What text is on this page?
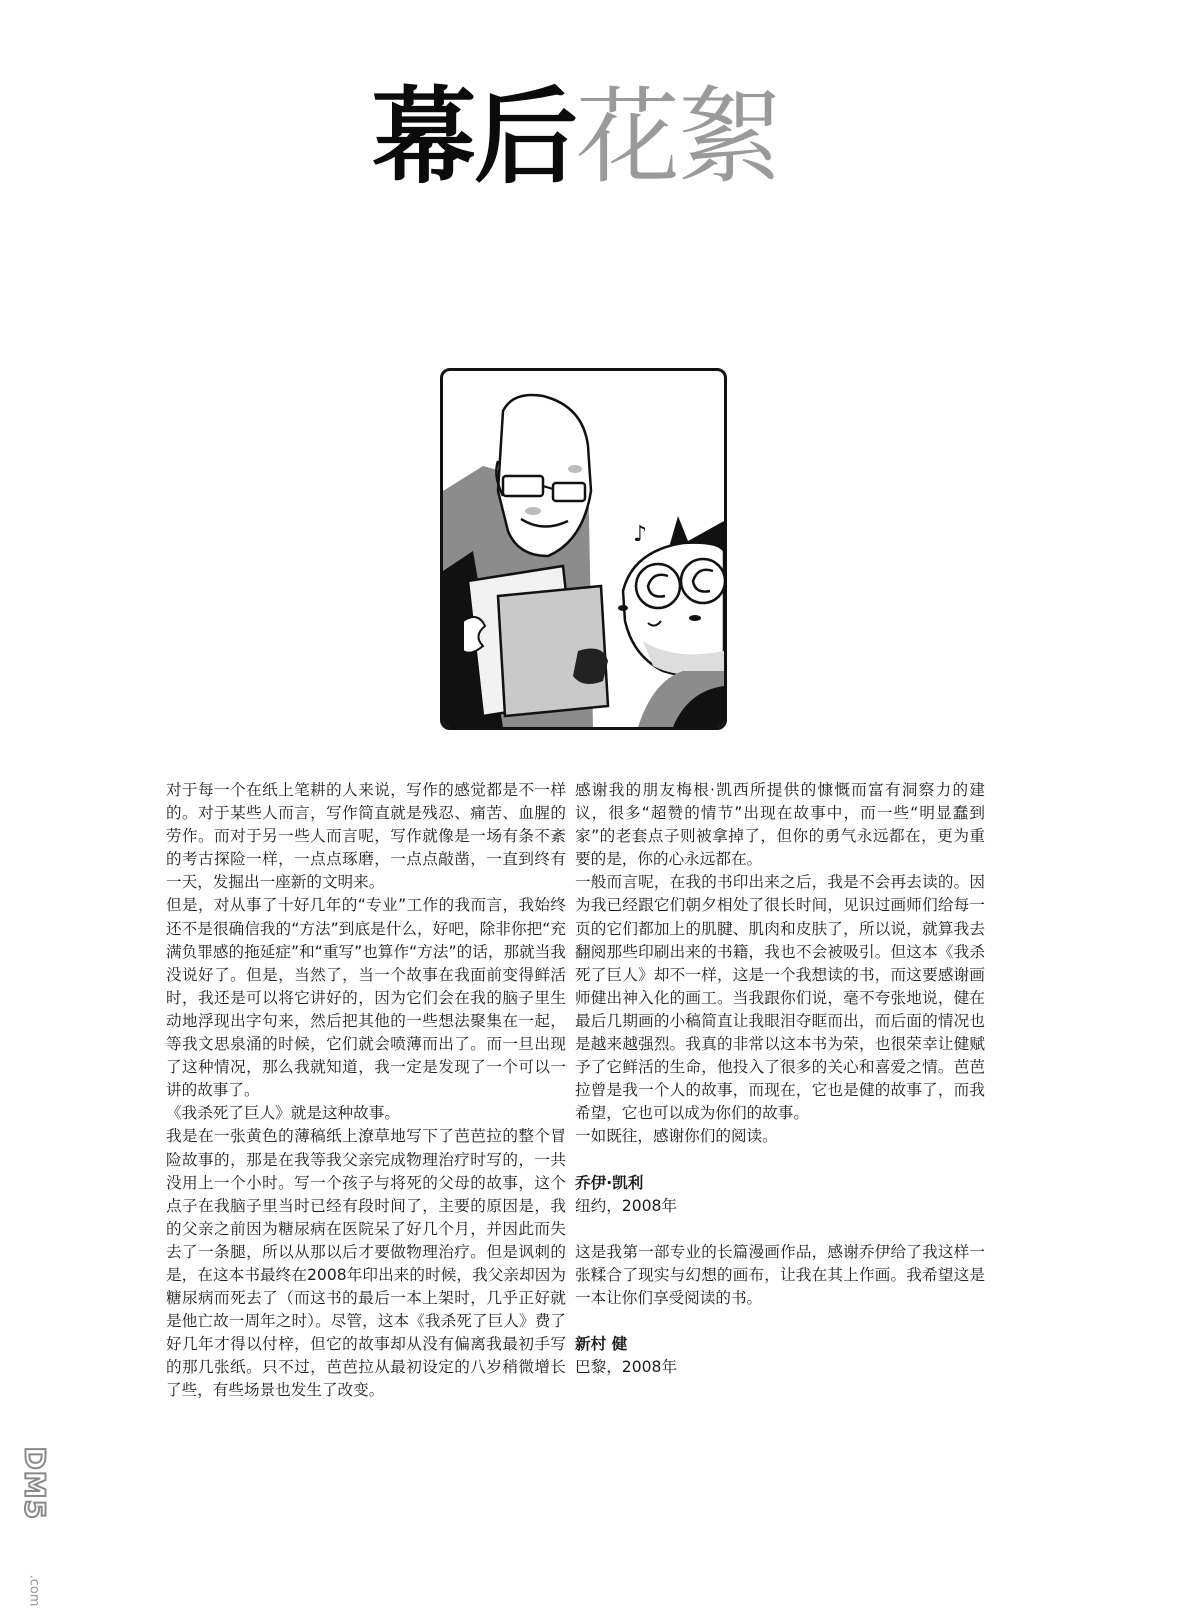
幕后花絮
♪

对于每一个在纸上笔耕的人来说，写作的感觉都是不一样的。对于某些人而言，写作简直就是残忍、痛苦、血腥的劳作。而对于另一些人而言呢，写作就像是一场有条不紊的考古探险一样，一点点琢磨，一点点敲凿，一直到终有一天，发掘出一座新的文明来。

但是，对从事了十好几年的“专业”工作的我而言，我始终还不是很确信我的“方法”到底是什么，好吧，除非你把“充满负罪感的拖延症”和“重写”也算作“方法”的话，那就当我没说好了。但是，当然了，当一个故事在我面前变得鲜活时，我还是可以将它讲好的，因为它们会在我的脑子里生动地浮现出字句来，然后把其他的一些想法聚集在一起，等我文思泉涌的时候，它们就会喷薄而出了。而一旦出现了这种情况，那么我就知道，我一定是发现了一个可以一讲的故事了。

《我杀死了巨人》就是这种故事。

我是在一张黄色的薄稿纸上潦草地写下了芭芭拉的整个冒险故事的，那是在我等我父亲完成物理治疗时写的，一共没用上一个小时。写一个孩子与将死的父母的故事，这个点子在我脑子里当时已经有段时间了，主要的原因是，我的父亲之前因为糖尿病在医院呆了好几个月，并因此而失去了一条腿，所以从那以后才要做物理治疗。但是讽刺的是，在这本书最终在2008年印出来的时候，我父亲却因为糖尿病而死去了（而这书的最后一本上架时，几乎正好就是他亡故一周年之时）。尽管，这本《我杀死了巨人》费了好几年才得以付梓，但它的故事却从没有偏离我最初手写的那几张纸。只不过，芭芭拉从最初设定的八岁稍微增长了些，有些场景也发生了改变。

感谢我的朋友梅根·凯西所提供的慷慨而富有洞察力的建议，很多“超赞的情节”出现在故事中，而一些“明显蠢到家”的老套点子则被拿掉了，但你的勇气永远都在，更为重要的是，你的心永远都在。

一般而言呢，在我的书印出来之后，我是不会再去读的。因为我已经跟它们朝夕相处了很长时间，见识过画师们给每一页的它们都加上的肌腱、肌肉和皮肤了，所以说，就算我去翻阅那些印刷出来的书籍，我也不会被吸引。但这本《我杀死了巨人》却不一样，这是一个我想读的书，而这要感谢画师健出神入化的画工。当我跟你们说，毫不夸张地说，健在最后几期画的小稿简直让我眼泪夺眶而出，而后面的情况也是越来越强烈。我真的非常以这本书为荣，也很荣幸让健赋予了它鲜活的生命，他投入了很多的关心和喜爱之情。芭芭拉曾是我一个人的故事，而现在，它也是健的故事了，而我希望，它也可以成为你们的故事。

一如既往，感谢你们的阅读。

乔伊·凯利

纽约，2008年

这是我第一部专业的长篇漫画作品，感谢乔伊给了我这样一张糅合了现实与幻想的画布，让我在其上作画。我希望这是一本让你们享受阅读的书。

新村 健

巴黎，2008年

DM5
.com
